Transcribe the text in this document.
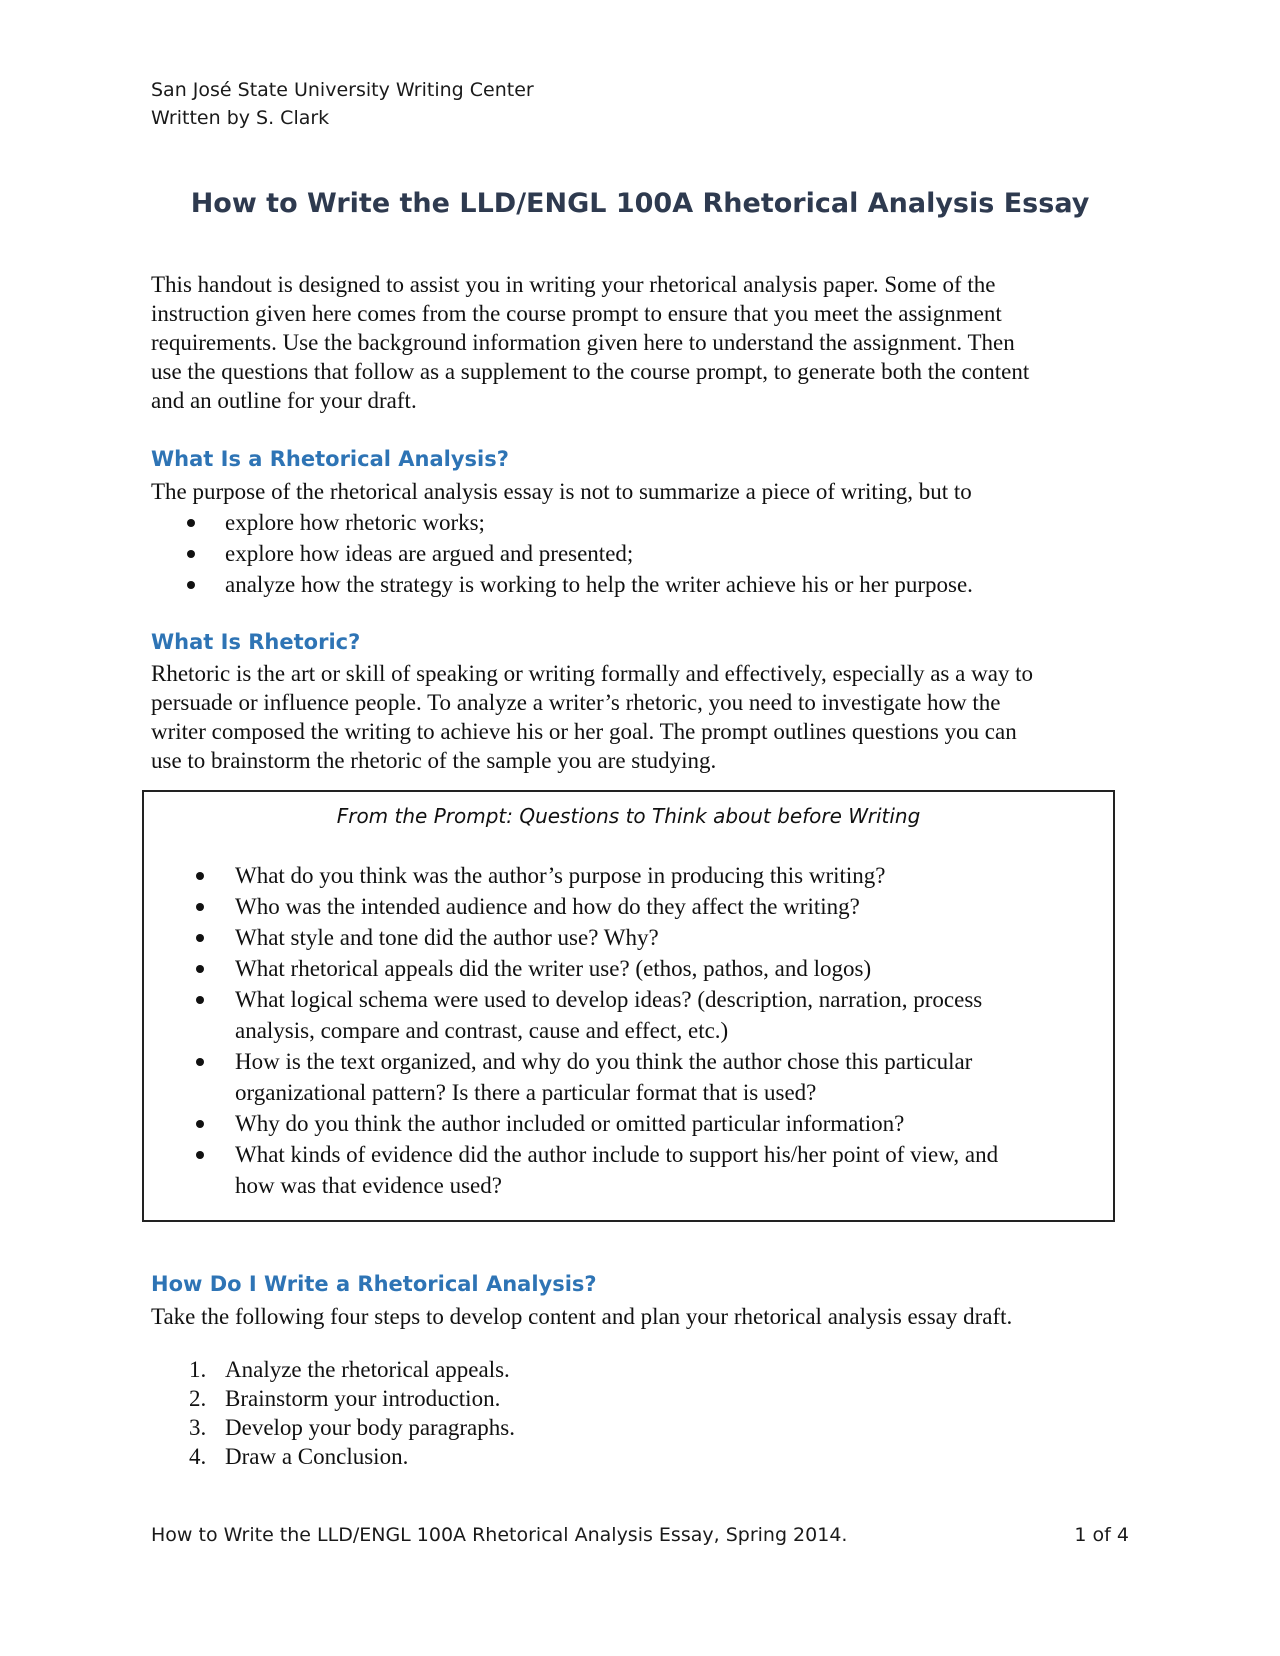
San José State University Writing Center
Written by S. Clark
How to Write the LLD/ENGL 100A Rhetorical Analysis Essay
This handout is designed to assist you in writing your rhetorical analysis paper. Some of the
instruction given here comes from the course prompt to ensure that you meet the assignment
requirements. Use the background information given here to understand the assignment. Then
use the questions that follow as a supplement to the course prompt, to generate both the content
and an outline for your draft.
What Is a Rhetorical Analysis?
The purpose of the rhetorical analysis essay is not to summarize a piece of writing, but to
explore how rhetoric works;
explore how ideas are argued and presented;
analyze how the strategy is working to help the writer achieve his or her purpose.
What Is Rhetoric?
Rhetoric is the art or skill of speaking or writing formally and effectively, especially as a way to
persuade or influence people. To analyze a writer’s rhetoric, you need to investigate how the
writer composed the writing to achieve his or her goal. The prompt outlines questions you can
use to brainstorm the rhetoric of the sample you are studying.
From the Prompt: Questions to Think about before Writing
What do you think was the author’s purpose in producing this writing?
Who was the intended audience and how do they affect the writing?
What style and tone did the author use? Why?
What rhetorical appeals did the writer use? (ethos, pathos, and logos)
What logical schema were used to develop ideas? (description, narration, process
analysis, compare and contrast, cause and effect, etc.)
How is the text organized, and why do you think the author chose this particular
organizational pattern? Is there a particular format that is used?
Why do you think the author included or omitted particular information?
What kinds of evidence did the author include to support his/her point of view, and
how was that evidence used?
How Do I Write a Rhetorical Analysis?
Take the following four steps to develop content and plan your rhetorical analysis essay draft.
1. Analyze the rhetorical appeals.
2. Brainstorm your introduction.
3. Develop your body paragraphs.
4. Draw a Conclusion.
How to Write the LLD/ENGL 100A Rhetorical Analysis Essay, Spring 2014.	1 of 4
